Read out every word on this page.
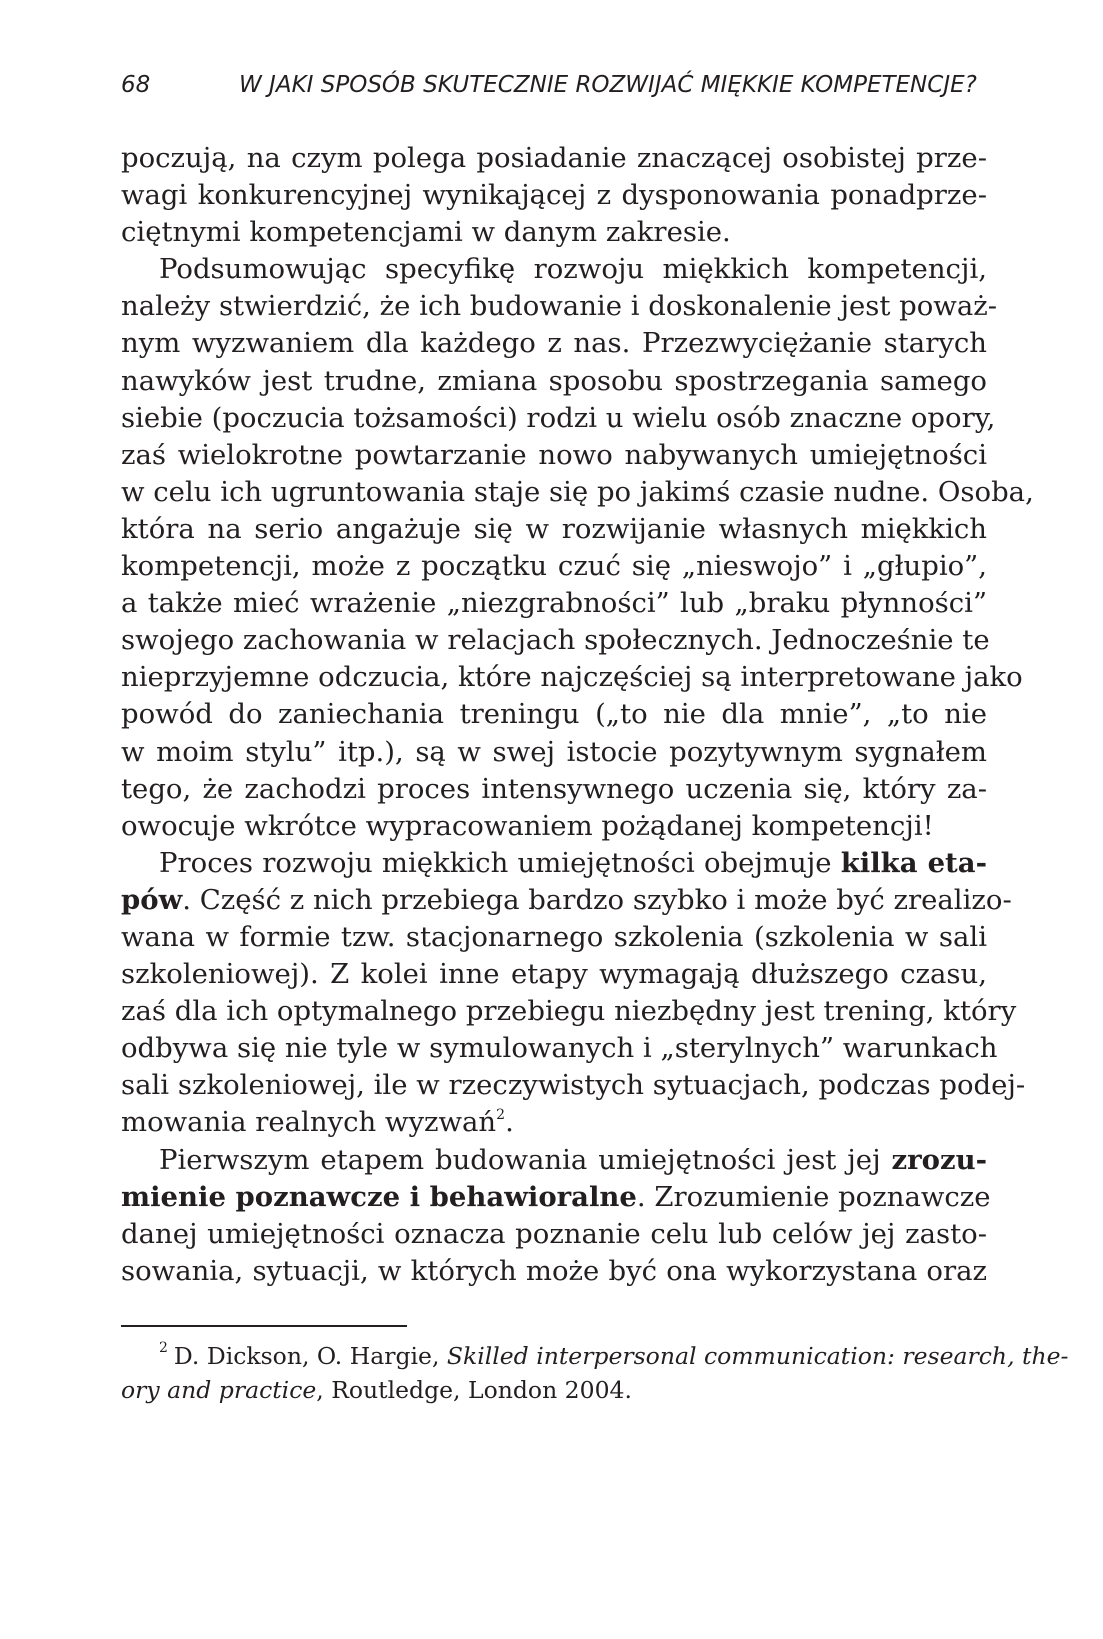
68	W JAKI SPOSÓB SKUTECZNIE ROZWIJAĆ MIĘKKIE KOMPETENCJE?
poczują, na czym polega posiadanie znaczącej osobistej prze-
wagi konkurencyjnej wynikającej z dysponowania ponadprze-
ciętnymi kompetencjami w danym zakresie.
Podsumowując specyfikę rozwoju miękkich kompetencji,
należy stwierdzić, że ich budowanie i doskonalenie jest poważ-
nym wyzwaniem dla każdego z nas. Przezwyciężanie starych
nawyków jest trudne, zmiana sposobu spostrzegania samego
siebie (poczucia tożsamości) rodzi u wielu osób znaczne opory,
zaś wielokrotne powtarzanie nowo nabywanych umiejętności
w celu ich ugruntowania staje się po jakimś czasie nudne. Osoba,
która na serio angażuje się w rozwijanie własnych miękkich
kompetencji, może z początku czuć się „nieswojo” i „głupio”,
a także mieć wrażenie „niezgrabności” lub „braku płynności”
swojego zachowania w relacjach społecznych. Jednocześnie te
nieprzyjemne odczucia, które najczęściej są interpretowane jako
powód do zaniechania treningu („to nie dla mnie”, „to nie
w moim stylu” itp.), są w swej istocie pozytywnym sygnałem
tego, że zachodzi proces intensywnego uczenia się, który za-
owocuje wkrótce wypracowaniem pożądanej kompetencji!
Proces rozwoju miękkich umiejętności obejmuje kilka eta-
pów. Część z nich przebiega bardzo szybko i może być zrealizo-
wana w formie tzw. stacjonarnego szkolenia (szkolenia w sali
szkoleniowej). Z kolei inne etapy wymagają dłuższego czasu,
zaś dla ich optymalnego przebiegu niezbędny jest trening, który
odbywa się nie tyle w symulowanych i „sterylnych” warunkach
sali szkoleniowej, ile w rzeczywistych sytuacjach, podczas podej-
mowania realnych wyzwań$^2$.
Pierwszym etapem budowania umiejętności jest jej zrozu-
mienie poznawcze i behawioralne. Zrozumienie poznawcze
danej umiejętności oznacza poznanie celu lub celów jej zasto-
sowania, sytuacji, w których może być ona wykorzystana oraz
$^2$ D. Dickson, O. Hargie, Skilled interpersonal communication: research, the-
ory and practice, Routledge, London 2004.
